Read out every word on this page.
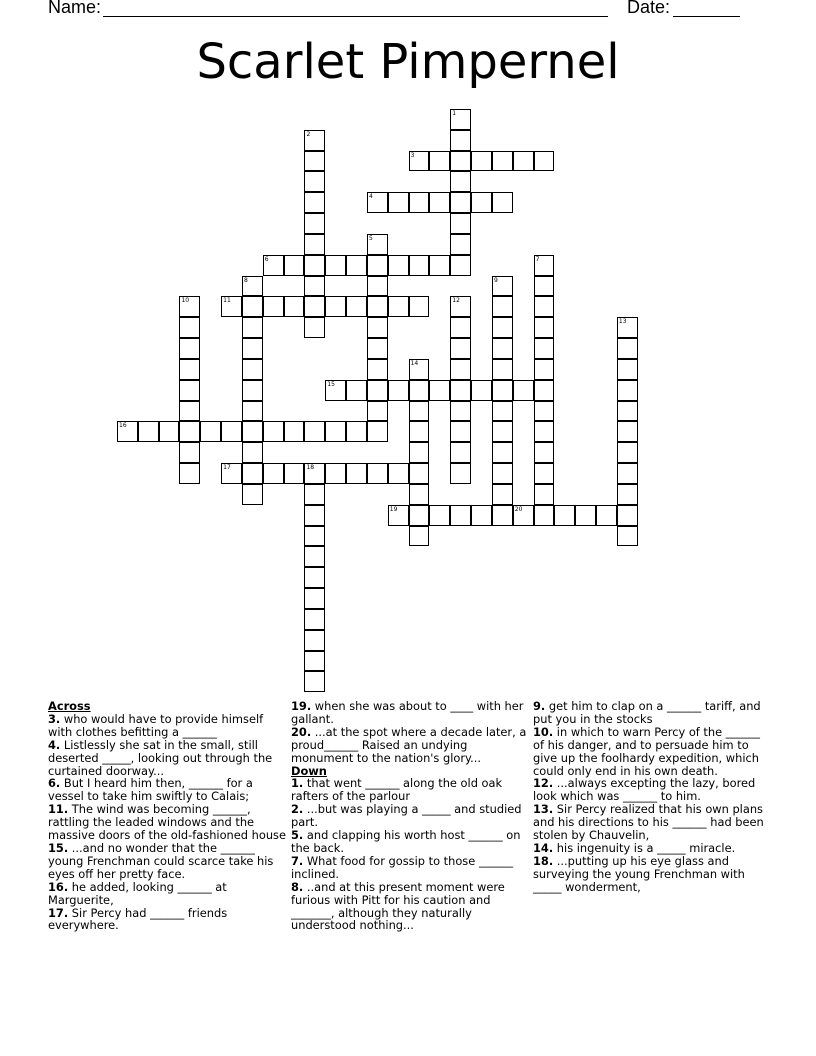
Name:	Date:
Scarlet Pimpernel
3
4
6
11
15
16
17	18
19	20
1
2
5
7
8	9
10	12
13
14
Across
3. who would have to provide himself with clothes befitting a ______
4. Listlessly she sat in the small, still deserted _____, looking out through the curtained doorway...
6. But I heard him then, ______ for a vessel to take him swiftly to Calais;
11. The wind was becoming ______, rattling the leaded windows and the massive doors of the old-fashioned house
15. ...and no wonder that the ______ young Frenchman could scarce take his eyes off her pretty face.
16. he added, looking ______ at Marguerite,
17. Sir Percy had ______ friends everywhere.
19. when she was about to ____ with her gallant.
20. ...at the spot where a decade later, a proud______ Raised an undying monument to the nation's glory...
Down
1. that went ______ along the old oak rafters of the parlour
2. ...but was playing a _____ and studied part.
5. and clapping his worth host ______ on the back.
7. What food for gossip to those ______ inclined.
8. ..and at this present moment were furious with Pitt for his caution and _______, although they naturally understood nothing...
9. get him to clap on a ______ tariff, and put you in the stocks
10. in which to warn Percy of the ______ of his danger, and to persuade him to give up the foolhardy expedition, which could only end in his own death.
12. ...always excepting the lazy, bored look which was ______ to him.
13. Sir Percy realized that his own plans and his directions to his ______ had been stolen by Chauvelin,
14. his ingenuity is a _____ miracle.
18. ...putting up his eye glass and surveying the young Frenchman with _____ wonderment,
